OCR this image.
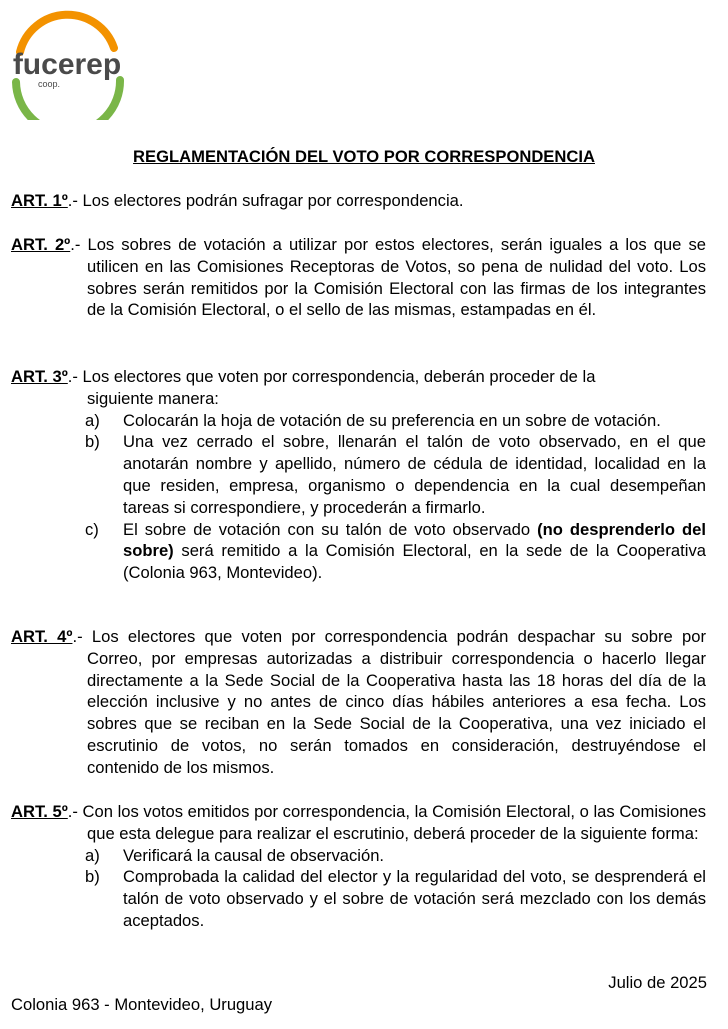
fucerep
coop.
REGLAMENTACIÓN DEL VOTO POR CORRESPONDENCIA
ART. 1º.- Los electores podrán sufragar por correspondencia.
ART. 2º.- Los sobres de votación a utilizar por estos electores, serán iguales a los que se utilicen en las Comisiones Receptoras de Votos, so pena de nulidad del voto. Los sobres serán remitidos por la Comisión Electoral con las firmas de los integrantes de la Comisión Electoral, o el sello de las mismas, estampadas en él.
ART. 3º.- Los electores que voten por correspondencia, deberán proceder de la
siguiente manera:
a) Colocarán la hoja de votación de su preferencia en un sobre de votación.
b) Una vez cerrado el sobre, llenarán el talón de voto observado, en el que anotarán nombre y apellido, número de cédula de identidad, localidad en la que residen, empresa, organismo o dependencia en la cual desempeñan tareas si correspondiere, y procederán a firmarlo.
c) El sobre de votación con su talón de voto observado (no desprenderlo del sobre) será remitido a la Comisión Electoral, en la sede de la Cooperativa (Colonia 963, Montevideo).
ART. 4º.- Los electores que voten por correspondencia podrán despachar su sobre por Correo, por empresas autorizadas a distribuir correspondencia o hacerlo llegar directamente a la Sede Social de la Cooperativa hasta las 18 horas del día de la elección inclusive y no antes de cinco días hábiles anteriores a esa fecha. Los sobres que se reciban en la Sede Social de la Cooperativa, una vez iniciado el escrutinio de votos, no serán tomados en consideración, destruyéndose el contenido de los mismos.
ART. 5º.- Con los votos emitidos por correspondencia, la Comisión Electoral, o las Comisiones que esta delegue para realizar el escrutinio, deberá proceder de la siguiente forma:
a) Verificará la causal de observación.
b) Comprobada la calidad del elector y la regularidad del voto, se desprenderá el talón de voto observado y el sobre de votación será mezclado con los demás aceptados.
Julio de 2025
Colonia 963 - Montevideo, Uruguay
